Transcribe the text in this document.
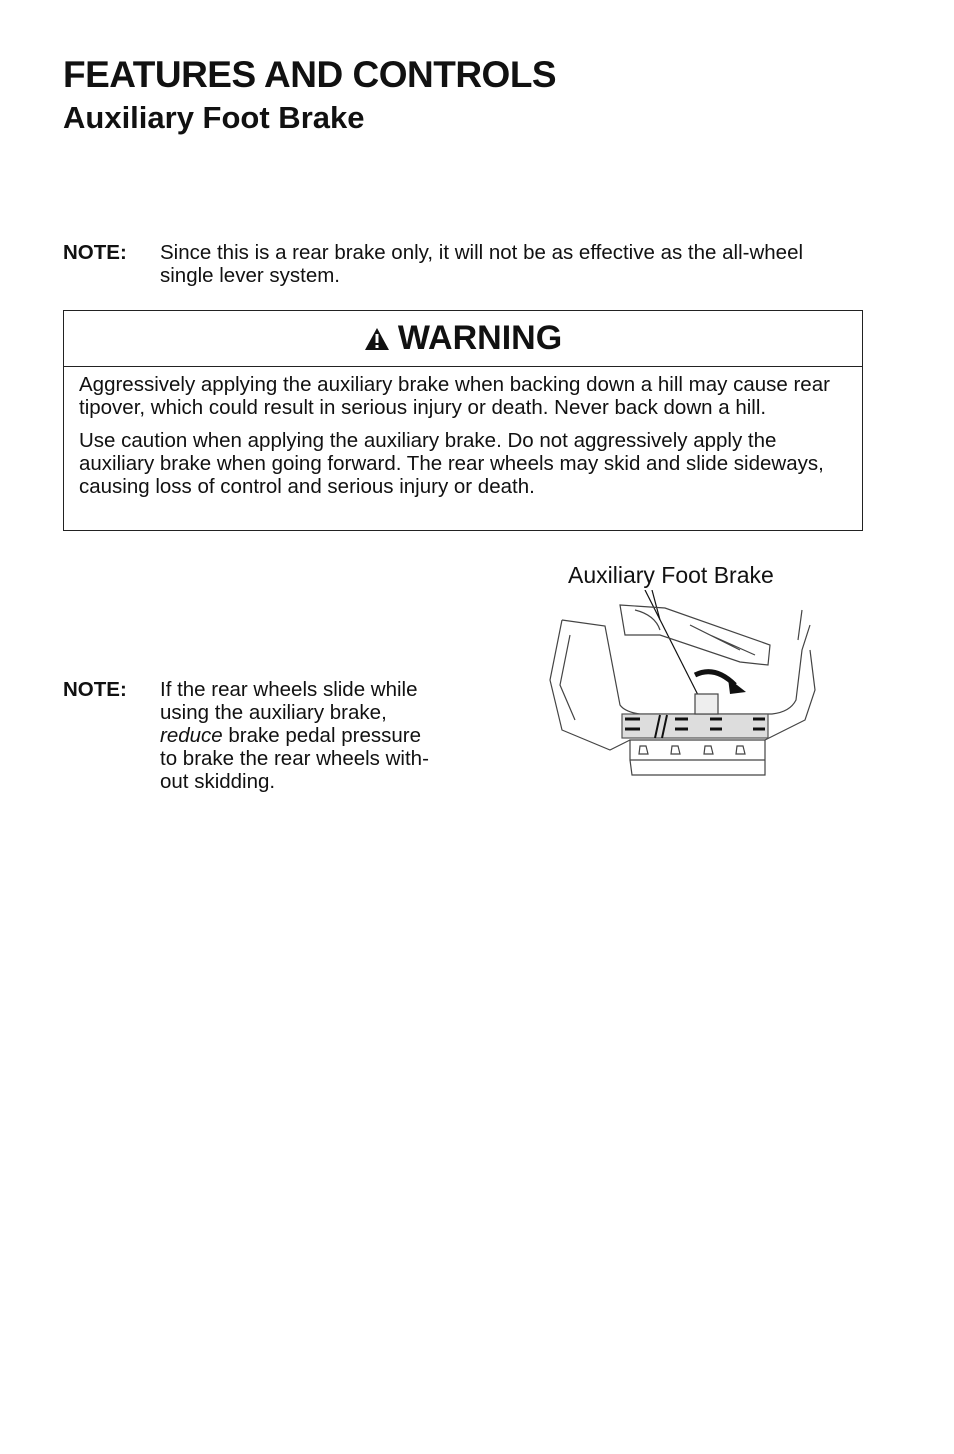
FEATURES AND CONTROLS
Auxiliary Foot Brake
NOTE: Since this is a rear brake only, it will not be as effective as the all-wheel
single lever system.
WARNING

Aggressively applying the auxiliary brake when backing down a hill may cause rear tipover, which could result in serious injury or death. Never back down a hill.

Use caution when applying the auxiliary brake. Do not aggressively apply the auxiliary brake when going forward. The rear wheels may skid and slide sideways, causing loss of control and serious injury or death.

Auxiliary Foot Brake
NOTE: If the rear wheels slide while
using the auxiliary brake,
reduce brake pedal pressure
to brake the rear wheels with-
out skidding.
